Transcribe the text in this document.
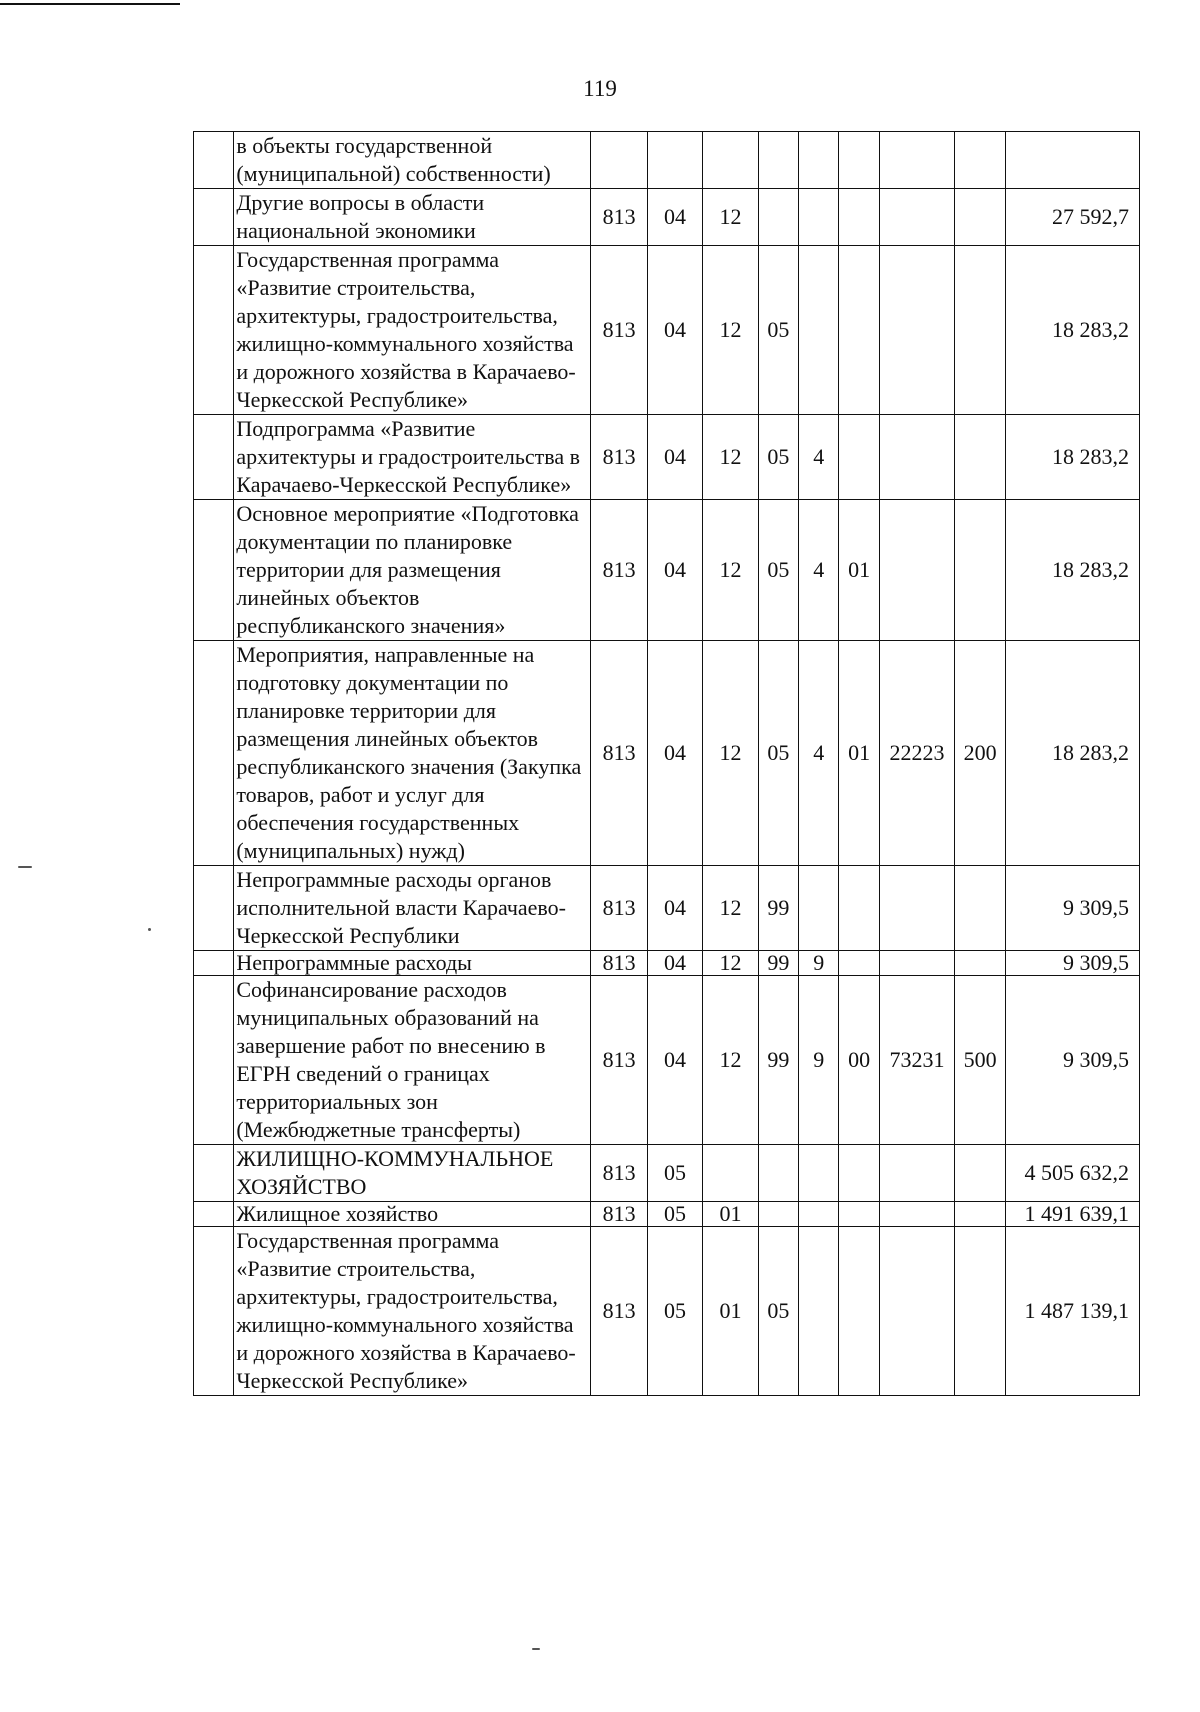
119
	в объекты государственной (муниципальной) собственности)									
	Другие вопросы в области национальной экономики	813	04	12						27 592,7
	Государственная программа «Развитие строительства, архитектуры, градостроительства, жилищно-коммунального хозяйства и дорожного хозяйства в Карачаево-Черкесской Республике»	813	04	12	05					18 283,2
	Подпрограмма «Развитие архитектуры и градостроительства в Карачаево-Черкесской Республике»	813	04	12	05	4				18 283,2
	Основное мероприятие «Подготовка документации по планировке территории для размещения линейных объектов республиканского значения»	813	04	12	05	4	01			18 283,2
	Мероприятия, направленные на подготовку документации по планировке территории для размещения линейных объектов республиканского значения (Закупка товаров, работ и услуг для обеспечения государственных (муниципальных) нужд)	813	04	12	05	4	01	22223	200	18 283,2
	Непрограммные расходы органов исполнительной власти Карачаево-Черкесской Республики	813	04	12	99					9 309,5
	Непрограммные расходы	813	04	12	99	9				9 309,5
	Софинансирование расходов муниципальных образований на завершение работ по внесению в ЕГРН сведений о границах территориальных зон (Межбюджетные трансферты)	813	04	12	99	9	00	73231	500	9 309,5
	ЖИЛИЩНО-КОММУНАЛЬНОЕ ХОЗЯЙСТВО	813	05							4 505 632,2
	Жилищное хозяйство	813	05	01						1 491 639,1
	Государственная программа «Развитие строительства, архитектуры, градостроительства, жилищно-коммунального хозяйства и дорожного хозяйства в Карачаево-Черкесской Республике»	813	05	01	05					1 487 139,1
